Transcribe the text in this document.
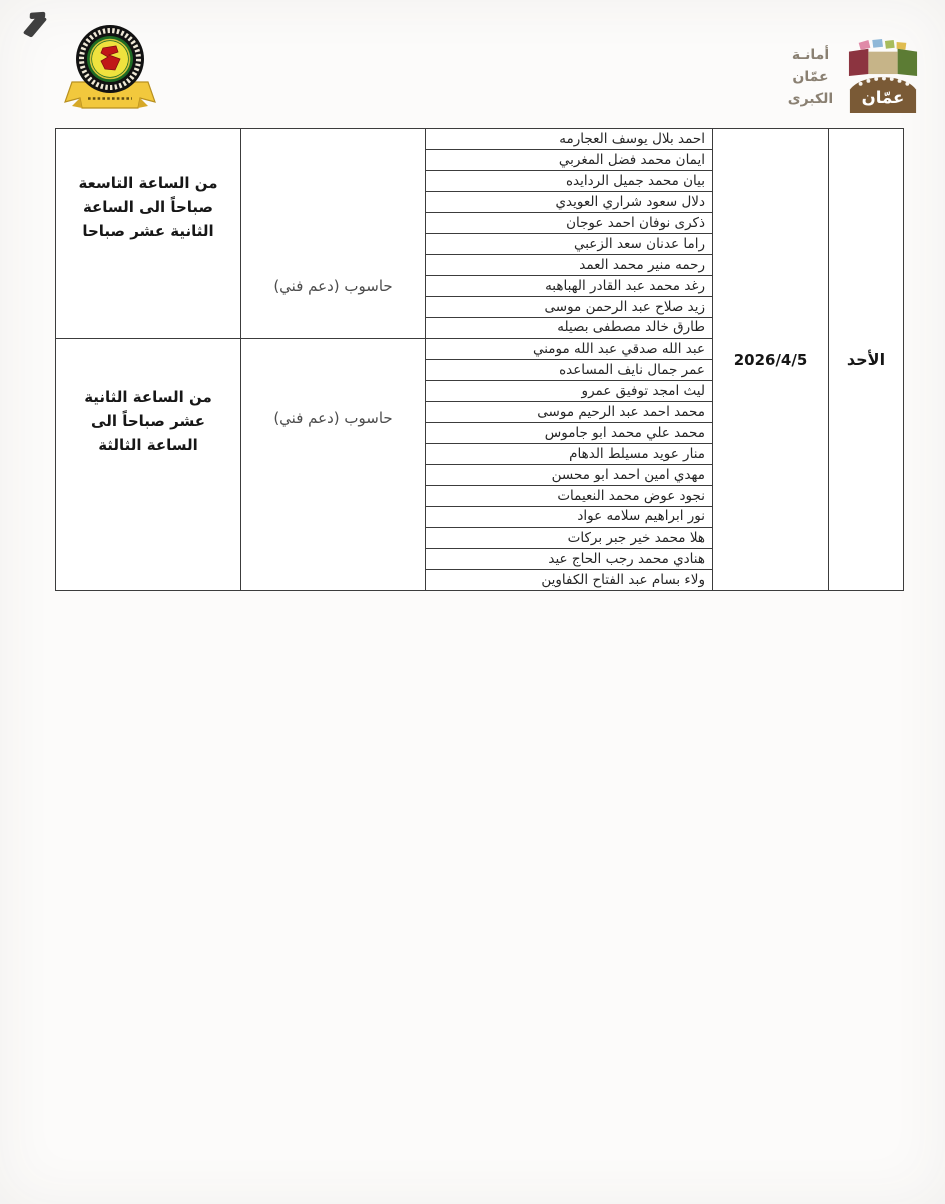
عمّان
أمانـة
عمّان
الكبرى
الأحد	2026/4/5	احمد بلال يوسف العجارمه	حاسوب (دعم فني)	من الساعة التاسعة صباحاً الى الساعة الثانية عشر صباحا
		ايمان محمد فضل المغربي		
		بيان محمد جميل الردايده		
		دلال سعود شراري العويدي		
		ذكرى نوفان احمد عوجان		
		راما عدنان سعد الزعبي		
		رحمه منير محمد العمد		
		رغد محمد عبد القادر الهباهبه		
		زيد صلاح عبد الرحمن موسى		
		طارق خالد مصطفى بصيله		
		عبد الله صدقي عبد الله مومني	حاسوب (دعم فني)	من الساعة الثانية عشر صباحاً الى الساعة الثالثة
		عمر جمال نايف المساعده		
		ليث امجد توفيق عمرو		
		محمد احمد عبد الرحيم موسى		
		محمد علي محمد ابو جاموس		
		منار عويد مسيلط الدهام		
		مهدي امين احمد ابو محسن		
		نجود عوض محمد النعيمات		
		نور ابراهيم سلامه عواد		
		هلا محمد خير جبر بركات		
		هنادي محمد رجب الحاج عيد		
		ولاء بسام عبد الفتاح الكفاوين		
